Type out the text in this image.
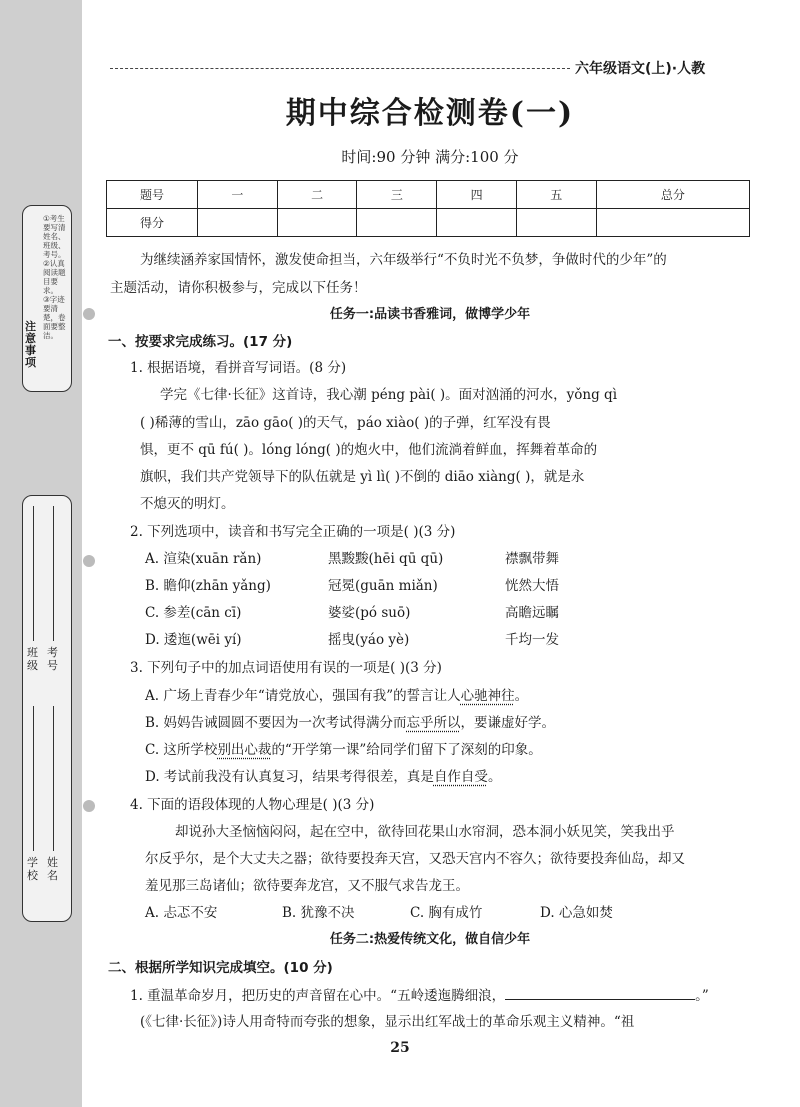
注意事项
①考生要写清姓名、班级、考号。
②认真阅读题目要求。
③字迹要清楚，卷面要整洁。
学校
姓名
班级
考号
六年级语文(上)·人教
期中综合检测卷(一)
时间:90 分钟 满分:100 分
题号	一	二	三	四	五	总分
得分						
为继续涵养家国情怀，激发使命担当，六年级举行“不负时光不负梦，争做时代的少年”的
主题活动，请你积极参与，完成以下任务！
任务一:品读书香雅词，做博学少年
一、按要求完成练习。(17 分)
1. 根据语境，看拼音写词语。(8 分)
学完《七律·长征》这首诗，我心潮 péng pài( )。面对汹涌的河水，yǒng qì
( )稀薄的雪山，zāo gāo( )的天气，páo xiào( )的子弹，红军没有畏
惧，更不 qū fú( )。lóng lóng( )的炮火中，他们流淌着鲜血，挥舞着革命的
旗帜，我们共产党领导下的队伍就是 yì lì( )不倒的 diāo xiàng( )，就是永
不熄灭的明灯。
2. 下列选项中，读音和书写完全正确的一项是( )(3 分)
A. 渲染(xuān rǎn)	黑黢黢(hēi qū qū)	襟飘带舞
B. 瞻仰(zhān yǎng)	冠冕(guān miǎn)	恍然大悟
C. 参差(cān cī)	婆娑(pó suō)	高瞻远瞩
D. 逶迤(wēi yí)	摇曳(yáo yè)	千均一发
3. 下列句子中的加点词语使用有误的一项是( )(3 分)
A. 广场上青春少年“请党放心，强国有我”的誓言让人心驰神往。
B. 妈妈告诫圆圆不要因为一次考试得满分而忘乎所以，要谦虚好学。
C. 这所学校别出心裁的“开学第一课”给同学们留下了深刻的印象。
D. 考试前我没有认真复习，结果考得很差，真是自作自受。
4. 下面的语段体现的人物心理是( )(3 分)
却说孙大圣恼恼闷闷，起在空中，欲待回花果山水帘洞，恐本洞小妖见笑，笑我出乎
尔反乎尔，是个大丈夫之器；欲待要投奔天宫，又恐天宫内不容久；欲待要投奔仙岛，却又
羞见那三岛诸仙；欲待要奔龙宫，又不服气求告龙王。
A. 忐忑不安	B. 犹豫不决	C. 胸有成竹	D. 心急如焚
任务二:热爱传统文化，做自信少年
二、根据所学知识完成填空。(10 分)
1. 重温革命岁月，把历史的声音留在心中。“五岭逶迤腾细浪，	。”
(《七律·长征》)诗人用奇特而夸张的想象，显示出红军战士的革命乐观主义精神。“祖
25
